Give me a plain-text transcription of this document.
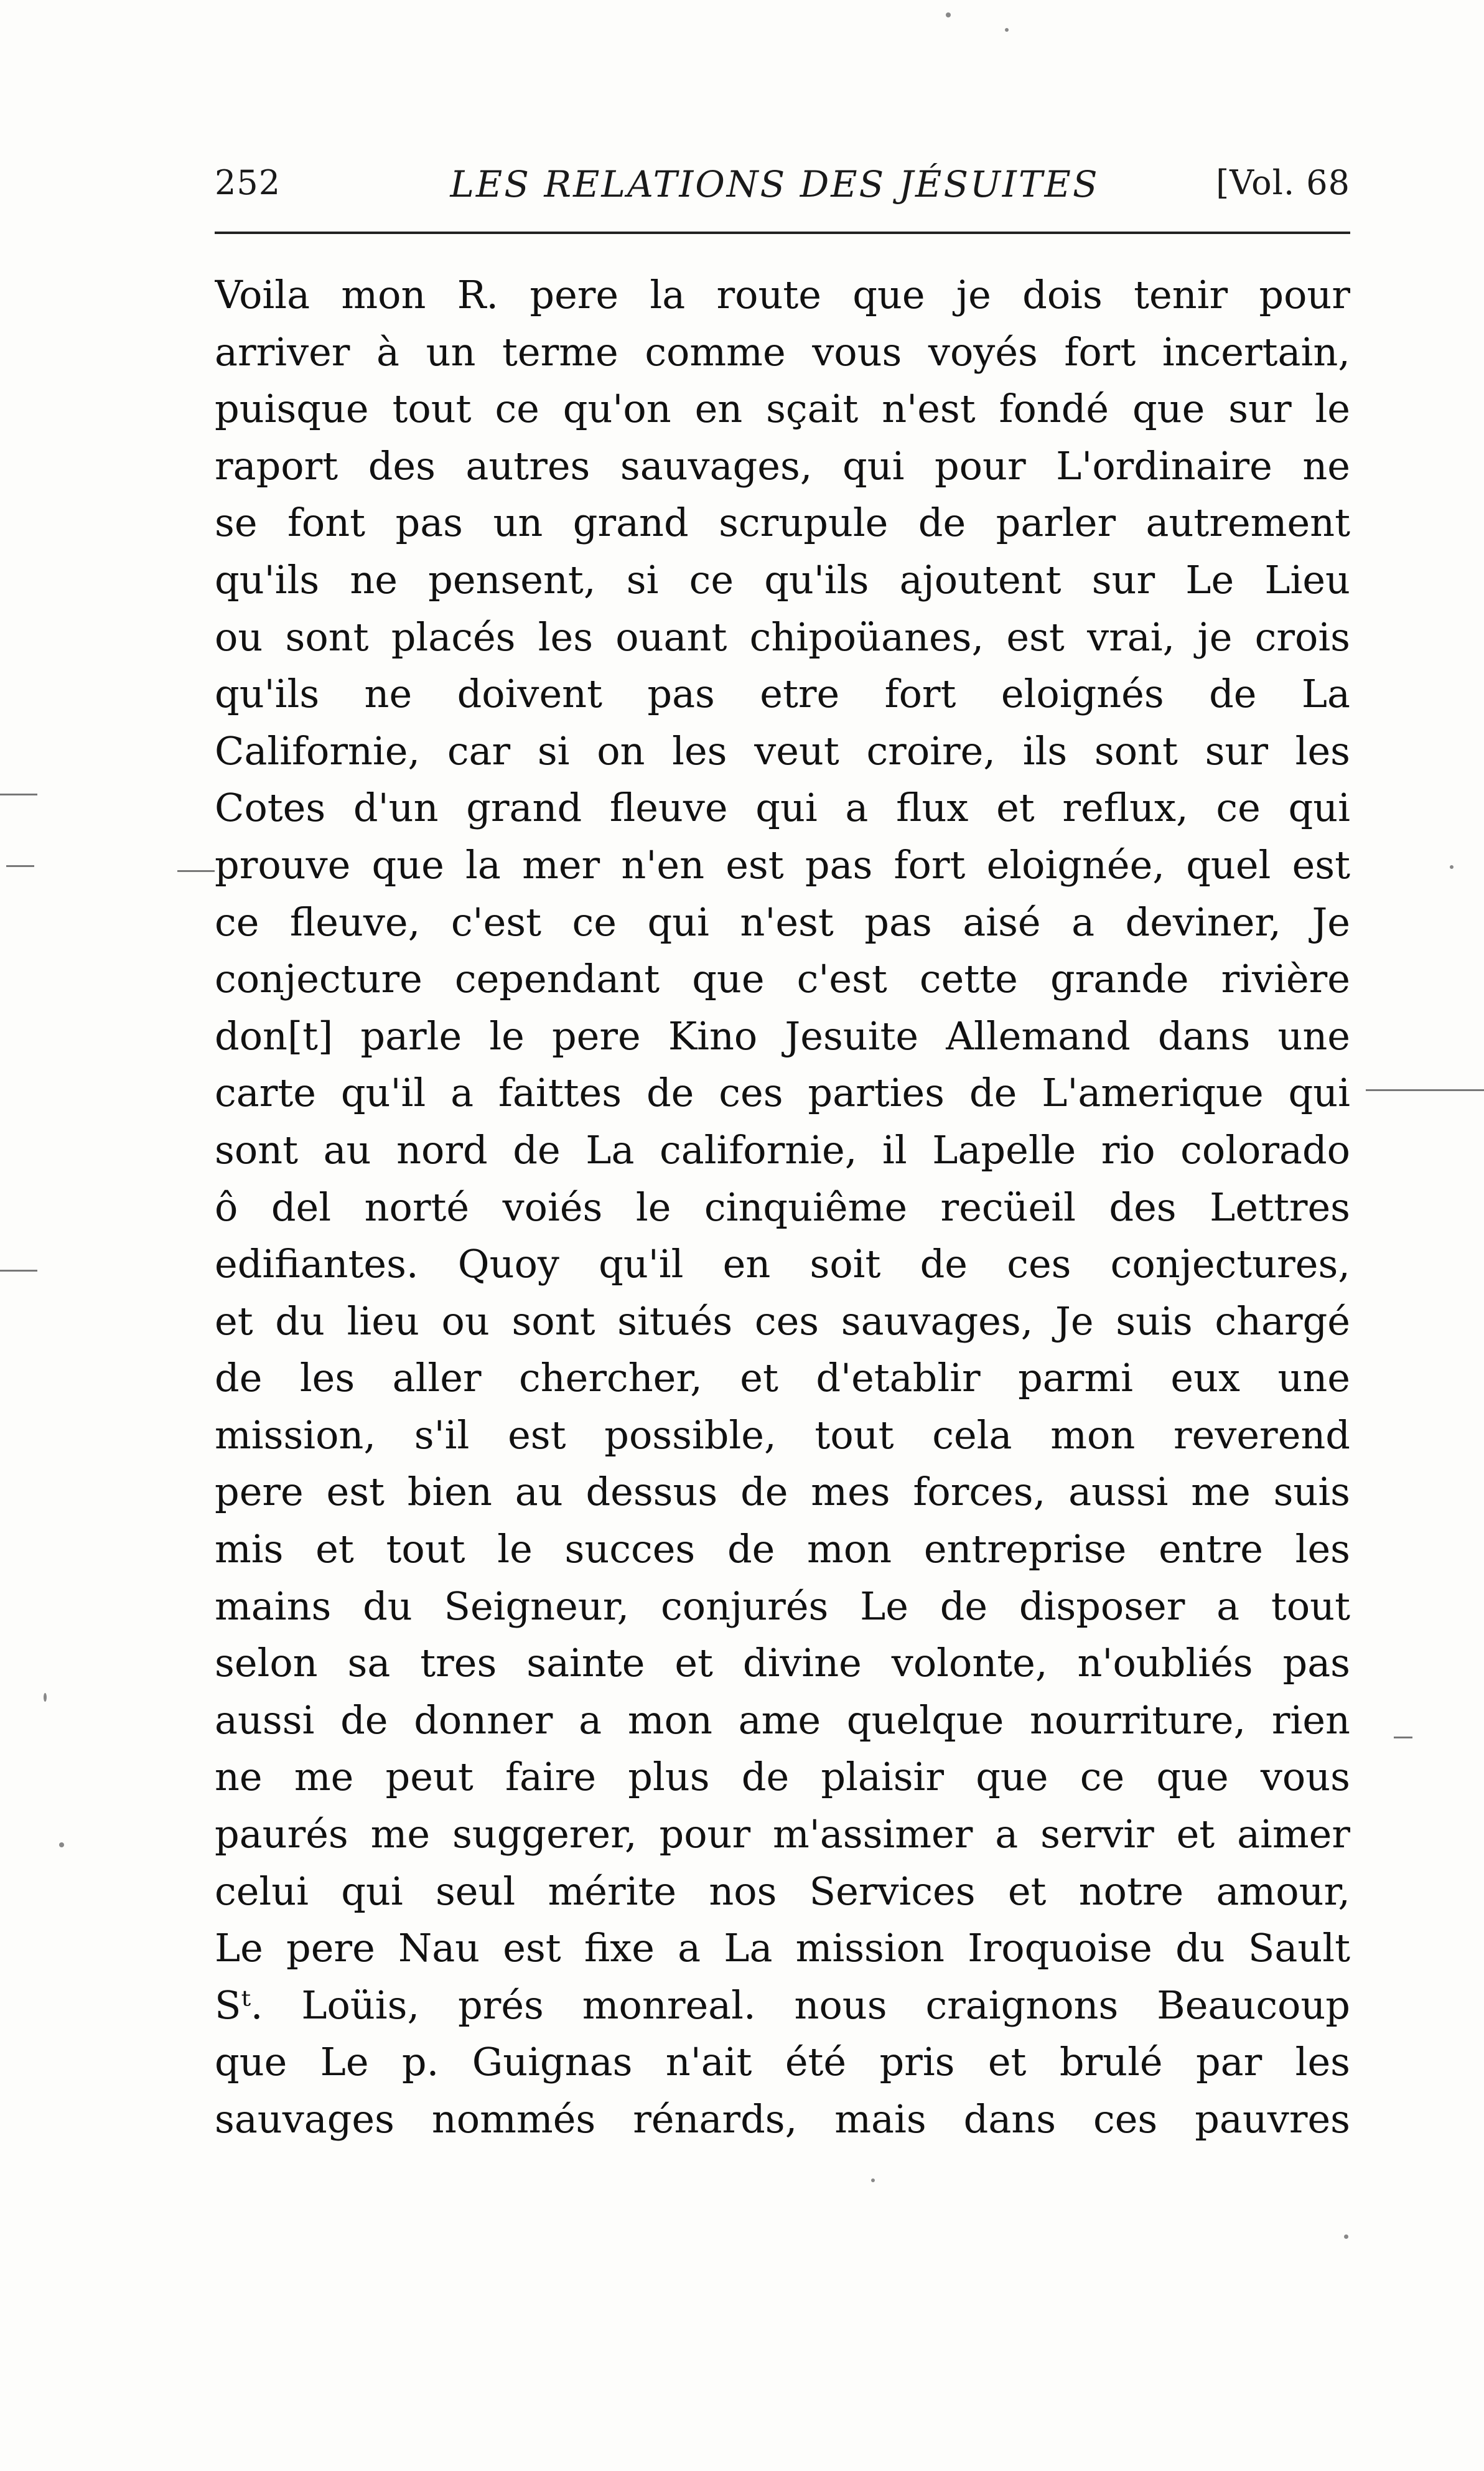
252	LES RELATIONS DES JÉSUITES	[Vol. 68
Voila mon R. pere la route que je dois tenir pour
arriver à un terme comme vous voyés fort incertain,
puisque tout ce qu'on en sçait n'est fondé que sur le
raport des autres sauvages, qui pour L'ordinaire ne
se font pas un grand scrupule de parler autrement
qu'ils ne pensent, si ce qu'ils ajoutent sur Le Lieu
ou sont placés les ouant chipoüanes, est vrai, je crois
qu'ils ne doivent pas etre fort eloignés de La
Californie, car si on les veut croire, ils sont sur les
Cotes d'un grand fleuve qui a flux et reflux, ce qui
prouve que la mer n'en est pas fort eloignée, quel est
ce fleuve, c'est ce qui n'est pas aisé a deviner, Je
conjecture cependant que c'est cette grande rivière
don[t] parle le pere Kino Jesuite Allemand dans une
carte qu'il a faittes de ces parties de L'amerique qui
sont au nord de La californie, il Lapelle rio colorado
ô del norté voiés le cinquiême recüeil des Lettres
edifiantes. Quoy qu'il en soit de ces conjectures,
et du lieu ou sont situés ces sauvages, Je suis chargé
de les aller chercher, et d'etablir parmi eux une
mission, s'il est possible, tout cela mon reverend
pere est bien au dessus de mes forces, aussi me suis
mis et tout le succes de mon entreprise entre les
mains du Seigneur, conjurés Le de disposer a tout
selon sa tres sainte et divine volonte, n'oubliés pas
aussi de donner a mon ame quelque nourriture, rien
ne me peut faire plus de plaisir que ce que vous
paurés me suggerer, pour m'assimer a servir et aimer
celui qui seul mérite nos Services et notre amour,
Le pere Nau est fixe a La mission Iroquoise du Sault
Sᵗ. Loüis, prés monreal. nous craignons Beaucoup
que Le p. Guignas n'ait été pris et brulé par les
sauvages nommés rénards, mais dans ces pauvres
